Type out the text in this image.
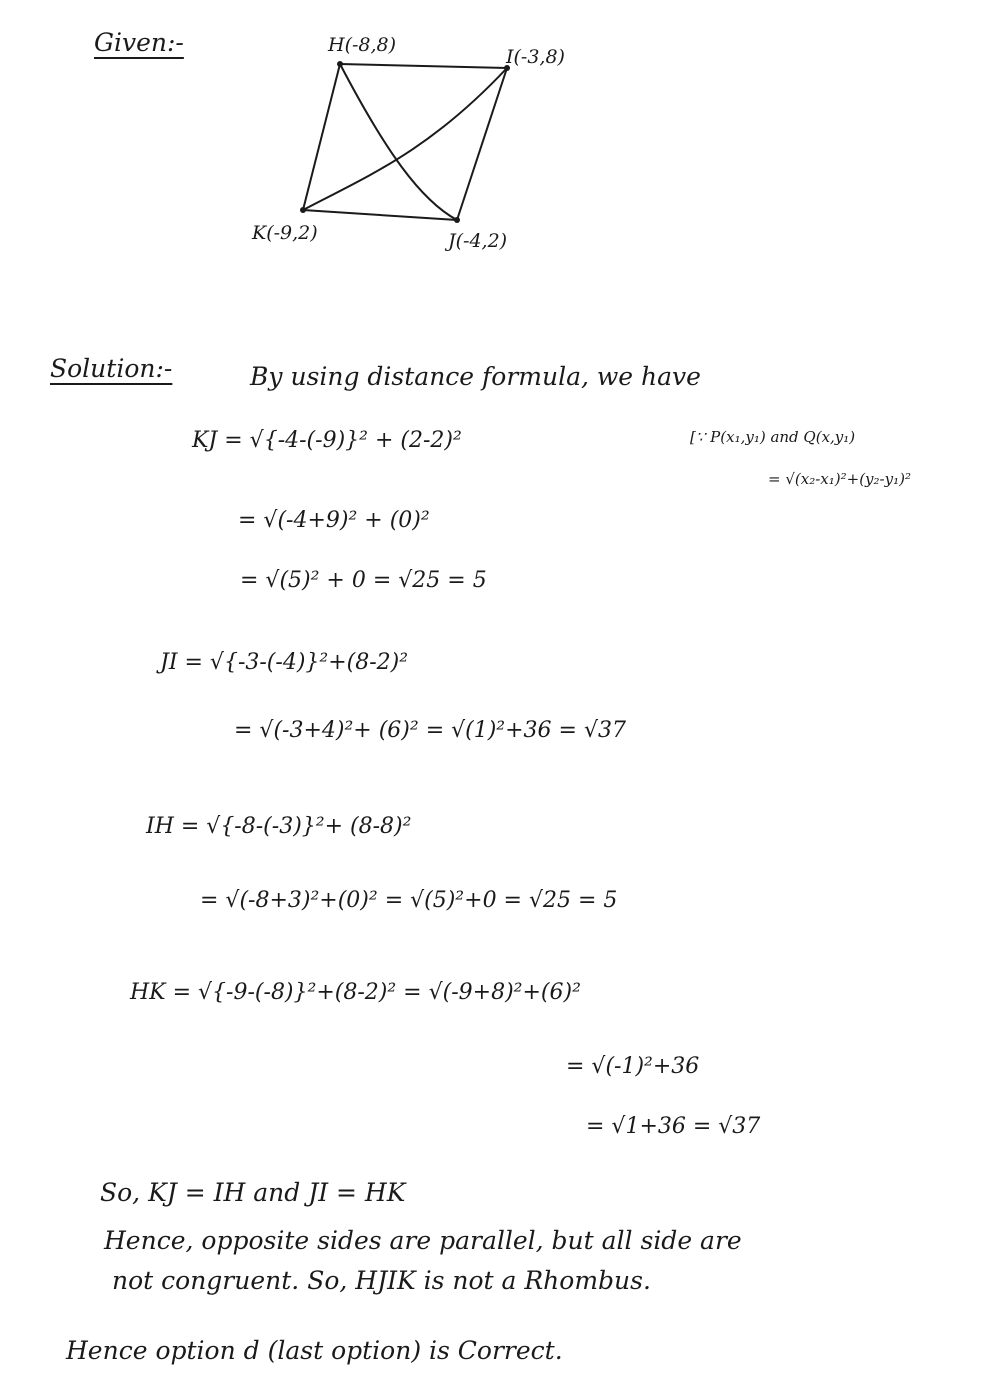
Given:-	H(-8,8)
I(-3,8)
K(-9,2)	J(-4,2)
Solution:-	By using distance formula, we have
[∵ P(x₁,y₁) and Q(x,y₁)
= √(x₂-x₁)²+(y₂-y₁)²
KJ = √{-4-(-9)}² + (2-2)²
= √(-4+9)² + (0)²
= √(5)² + 0 = √25 = 5
JI = √{-3-(-4)}²+(8-2)²
= √(-3+4)²+ (6)² = √(1)²+36 = √37
IH = √{-8-(-3)}²+ (8-8)²
= √(-8+3)²+(0)² = √(5)²+0 = √25 = 5
HK = √{-9-(-8)}²+(8-2)² = √(-9+8)²+(6)²
= √(-1)²+36
= √1+36 = √37
So, KJ = IH and JI = HK
Hence, opposite sides are parallel, but all side are
not congruent. So, HJIK is not a Rhombus.
Hence option d (last option) is Correct.
